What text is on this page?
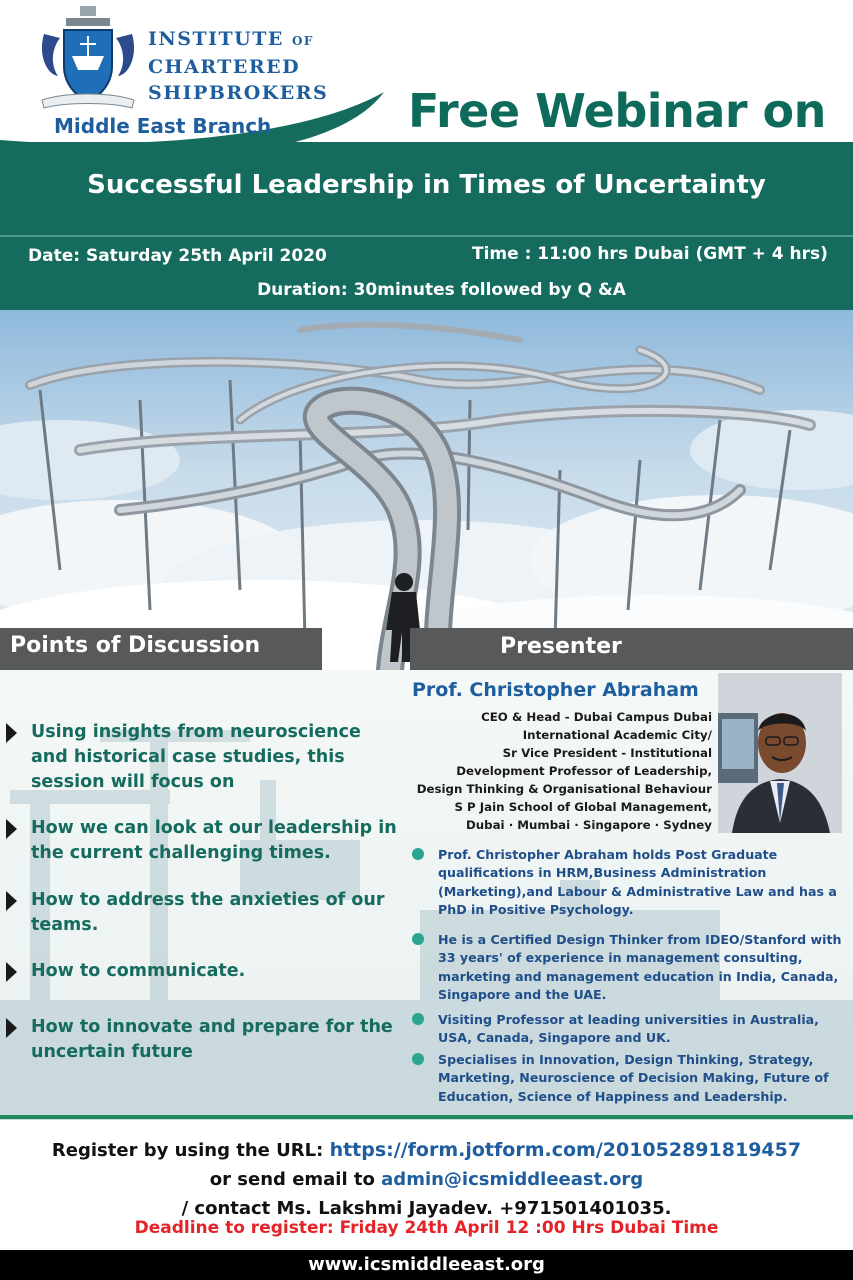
INSTITUTE OF
CHARTERED
SHIPBROKERS
Middle East Branch	Free Webinar on
Successful Leadership in Times of Uncertainty
Date: Saturday 25th April 2020	Time : 11:00 hrs Dubai (GMT + 4 hrs)
Duration: 30minutes followed by Q &A
Points of Discussion	Presenter
Using insights from neuroscience and historical case studies, this session will focus on
How we can look at our leadership in the current challenging times.
How to address the anxieties of our teams.
How to communicate.
How to innovate and prepare for the uncertain future
Prof. Christopher Abraham
CEO & Head - Dubai Campus Dubai
International Academic City/
Sr Vice President - Institutional
Development Professor of Leadership,
Design Thinking & Organisational Behaviour
S P Jain School of Global Management,
Dubai · Mumbai · Singapore · Sydney
Prof. Christopher Abraham holds Post Graduate qualifications in HRM,Business Administration (Marketing),and Labour & Administrative Law and has a PhD in Positive Psychology.
He is a Certified Design Thinker from IDEO/Stanford with 33 years' of experience in management consulting, marketing and management education in India, Canada, Singapore and the UAE.
Visiting Professor at leading universities in Australia, USA, Canada, Singapore and UK.
Specialises in Innovation, Design Thinking, Strategy, Marketing, Neuroscience of Decision Making, Future of Education, Science of Happiness and Leadership.
Register by using the URL: https://form.jotform.com/201052891819457
or send email to admin@icsmiddleeast.org
/ contact Ms. Lakshmi Jayadev. +971501401035.
Deadline to register: Friday 24th April 12 :00 Hrs Dubai Time
www.icsmiddleeast.org
